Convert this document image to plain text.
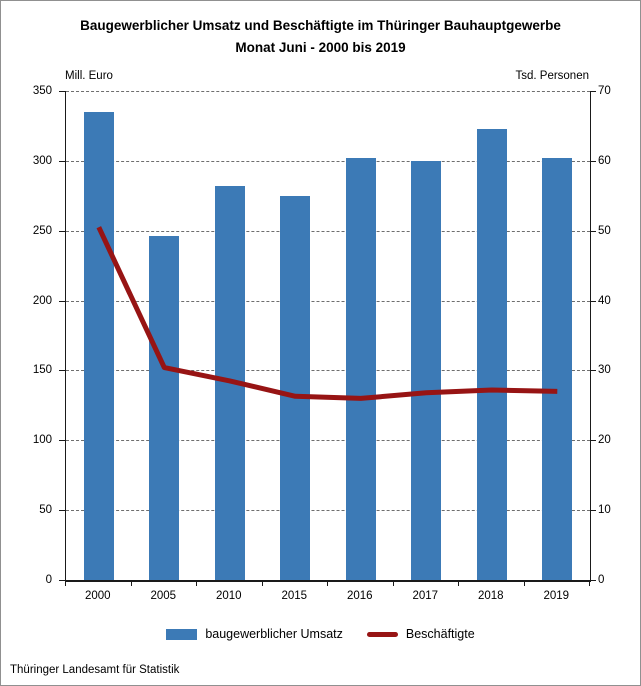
Baugewerblicher Umsatz und Beschäftigte im Thüringer Bauhauptgewerbe
Monat Juni - 2000 bis 2019
Mill. Euro	Tsd. Personen
baugewerblicher Umsatz	Beschäftigte
Thüringer Landesamt für Statistik
0
50
100
150
200
250
300
350
0
10
20
30
40
50
60
70
2000	2005	2010	2015	2016	2017	2018	2019
